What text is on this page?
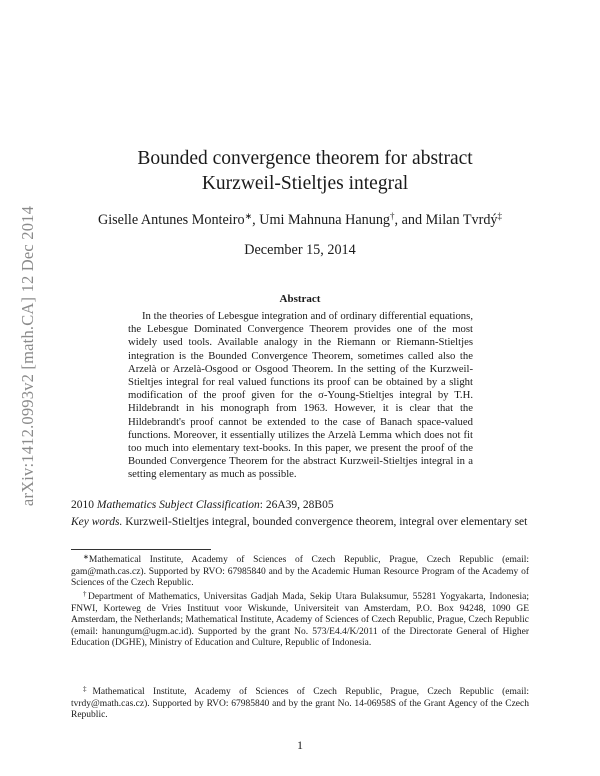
arXiv:1412.0993v2 [math.CA] 12 Dec 2014
Bounded convergence theorem for abstract
Kurzweil-Stieltjes integral
Giselle Antunes Monteiro∗, Umi Mahnuna Hanung†, and Milan Tvrdý‡
December 15, 2014
Abstract

In the theories of Lebesgue integration and of ordinary differential equations, the Lebesgue Dominated Convergence Theorem provides one of the most widely used tools. Available analogy in the Riemann or Riemann-Stieltjes integration is the Bounded Convergence Theorem, sometimes called also the Arzelà or Arzelà-Osgood or Osgood Theorem. In the setting of the Kurzweil-Stieltjes integral for real valued functions its proof can be obtained by a slight modification of the proof given for the σ-Young-Stieltjes integral by T.H. Hildebrandt in his monograph from 1963. However, it is clear that the Hildebrandt's proof cannot be extended to the case of Banach space-valued functions. Moreover, it essentially utilizes the Arzelà Lemma which does not fit too much into elementary text-books. In this paper, we present the proof of the Bounded Convergence Theorem for the abstract Kurzweil-Stieltjes integral in a setting elementary as much as possible.

2010 Mathematics Subject Classification: 26A39, 28B05
Key words. Kurzweil-Stieltjes integral, bounded convergence theorem, integral over elementary set

∗Mathematical Institute, Academy of Sciences of Czech Republic, Prague, Czech Republic (email: gam@math.cas.cz). Supported by RVO: 67985840 and by the Academic Human Resource Program of the Academy of Sciences of the Czech Republic.

†Department of Mathematics, Universitas Gadjah Mada, Sekip Utara Bulaksumur, 55281 Yogyakarta, Indonesia; FNWI, Korteweg de Vries Instituut voor Wiskunde, Universiteit van Amsterdam, P.O. Box 94248, 1090 GE Amsterdam, the Netherlands; Mathematical Institute, Academy of Sciences of Czech Republic, Prague, Czech Republic (email: hanungum@ugm.ac.id). Supported by the grant No. 573/E4.4/K/2011 of the Directorate General of Higher Education (DGHE), Ministry of Education and Culture, Republic of Indonesia.

‡Mathematical Institute, Academy of Sciences of Czech Republic, Prague, Czech Republic (email: tvrdy@math.cas.cz). Supported by RVO: 67985840 and by the grant No. 14-06958S of the Grant Agency of the Czech Republic.

1
